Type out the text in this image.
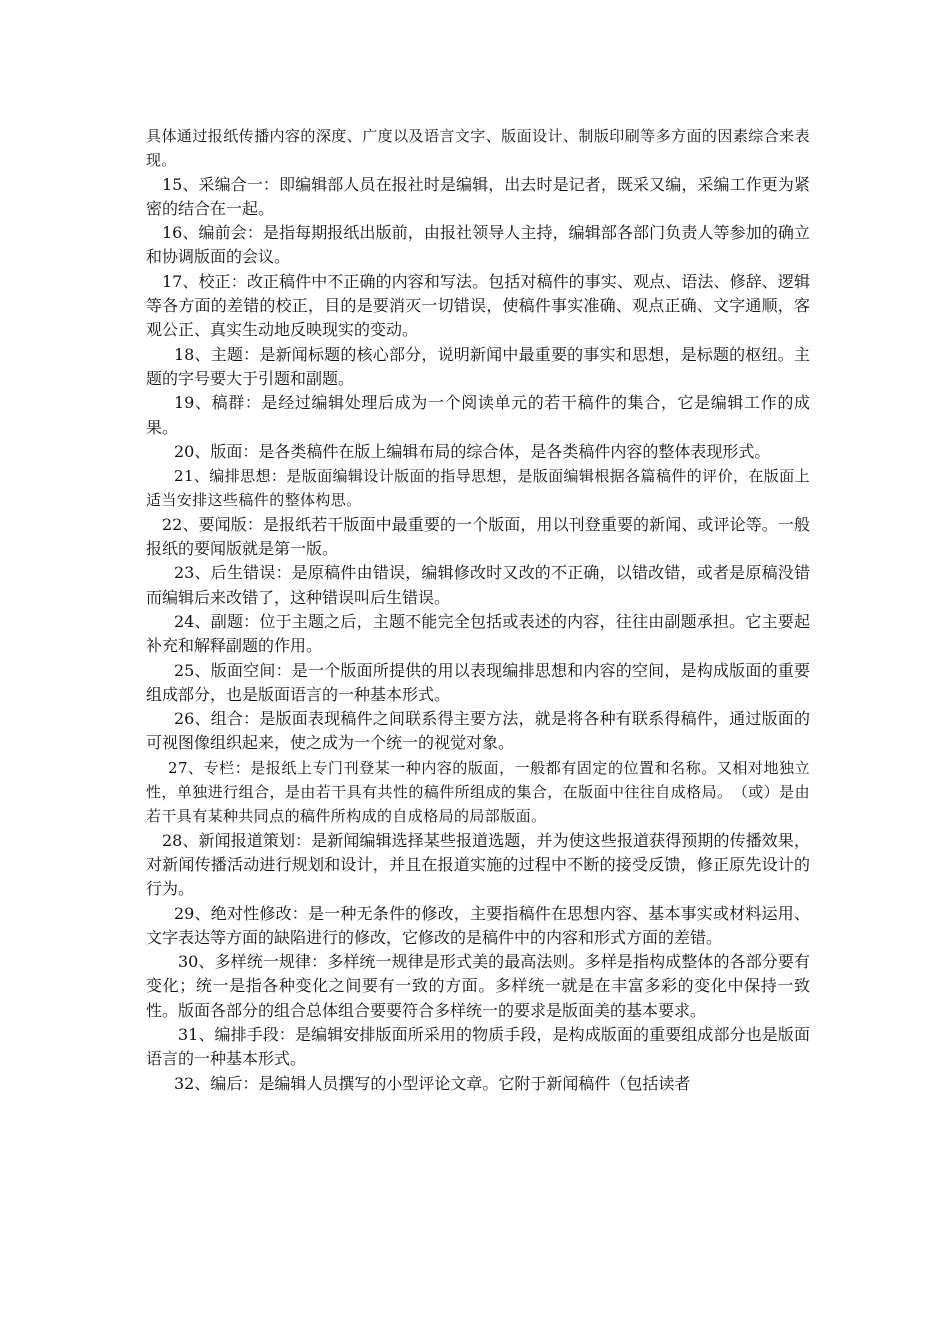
具体通过报纸传播内容的深度、广度以及语言文字、版面设计、制版印刷等多方面的因素综合来表现。

15、采编合一：即编辑部人员在报社时是编辑，出去时是记者，既采又编，采编工作更为紧密的结合在一起。

16、编前会：是指每期报纸出版前，由报社领导人主持，编辑部各部门负责人等参加的确立和协调版面的会议。

17、校正：改正稿件中不正确的内容和写法。包括对稿件的事实、观点、语法、修辞、逻辑等各方面的差错的校正，目的是要消灭一切错误，使稿件事实准确、观点正确、文字通顺，客观公正、真实生动地反映现实的变动。

18、主题：是新闻标题的核心部分，说明新闻中最重要的事实和思想，是标题的枢纽。主题的字号要大于引题和副题。

19、稿群：是经过编辑处理后成为一个阅读单元的若干稿件的集合，它是编辑工作的成果。

20、版面：是各类稿件在版上编辑布局的综合体，是各类稿件内容的整体表现形式。

21、编排思想：是版面编辑设计版面的指导思想，是版面编辑根据各篇稿件的评价，在版面上适当安排这些稿件的整体构思。

22、要闻版：是报纸若干版面中最重要的一个版面，用以刊登重要的新闻、或评论等。一般报纸的要闻版就是第一版。

23、后生错误：是原稿件由错误，编辑修改时又改的不正确，以错改错，或者是原稿没错而编辑后来改错了，这种错误叫后生错误。

24、副题：位于主题之后，主题不能完全包括或表述的内容，往往由副题承担。它主要起补充和解释副题的作用。

25、版面空间：是一个版面所提供的用以表现编排思想和内容的空间，是构成版面的重要组成部分，也是版面语言的一种基本形式。

26、组合：是版面表现稿件之间联系得主要方法，就是将各种有联系得稿件，通过版面的可视图像组织起来，使之成为一个统一的视觉对象。

27、专栏：是报纸上专门刊登某一种内容的版面，一般都有固定的位置和名称。又相对地独立性，单独进行组合，是由若干具有共性的稿件所组成的集合，在版面中往往自成格局。　（或）是由若干具有某种共同点的稿件所构成的自成格局的局部版面。

28、新闻报道策划：是新闻编辑选择某些报道选题，并为使这些报道获得预期的传播效果，对新闻传播活动进行规划和设计，并且在报道实施的过程中不断的接受反馈，修正原先设计的行为。

29、绝对性修改：是一种无条件的修改，主要指稿件在思想内容、基本事实或材料运用、文字表达等方面的缺陷进行的修改，它修改的是稿件中的内容和形式方面的差错。

30、多样统一规律：多样统一规律是形式美的最高法则。多样是指构成整体的各部分要有变化；统一是指各种变化之间要有一致的方面。多样统一就是在丰富多彩的变化中保持一致性。版面各部分的组合总体组合要要符合多样统一的要求是版面美的基本要求。

31、编排手段：是编辑安排版面所采用的物质手段，是构成版面的重要组成部分也是版面语言的一种基本形式。

32、编后：是编辑人员撰写的小型评论文章。它附于新闻稿件（包括读者
